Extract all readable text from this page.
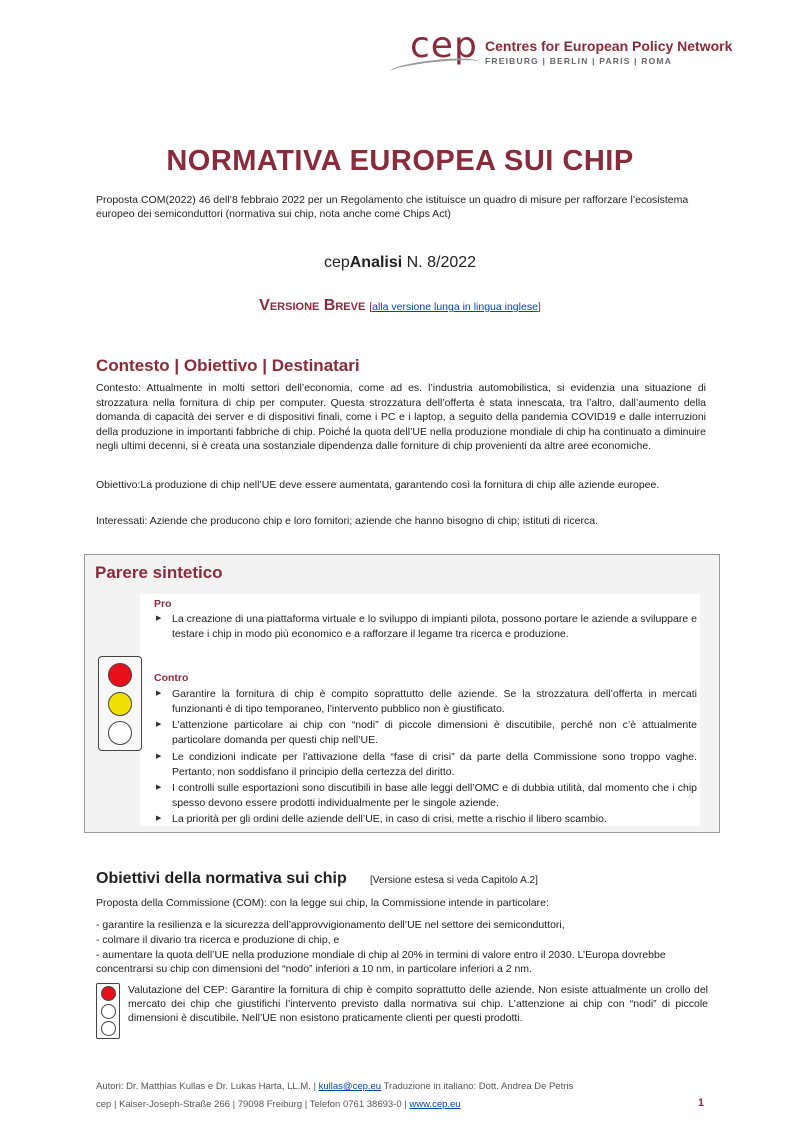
cep Centres for European Policy Network
FREIBURG | BERLIN | PARIS | ROMA
NORMATIVA EUROPEA SUI CHIP
Proposta COM(2022) 46 dell’8 febbraio 2022 per un Regolamento che istituisce un quadro di misure per rafforzare l’ecosistema europeo dei semiconduttori (normativa sui chip, nota anche come Chips Act)
cepAnalisi N. 8/2022
Versione Breve [alla versione lunga in lingua inglese]
Contesto | Obiettivo | Destinatari
Contesto: Attualmente in molti settori dell’economia, come ad es. l’industria automobilistica, si evidenzia una situazione di strozzatura nella fornitura di chip per computer. Questa strozzatura dell’offerta è stata innescata, tra l’altro, dall’aumento della domanda di capacità dei server e di dispositivi finali, come i PC e i laptop, a seguito della pandemia COVID19 e dalle interruzioni della produzione in importanti fabbriche di chip. Poiché la quota dell’UE nella produzione mondiale di chip ha continuato a diminuire negli ultimi decenni, si è creata una sostanziale dipendenza dalle forniture di chip provenienti da altre aree economiche.
Obiettivo:La produzione di chip nell’UE deve essere aumentata, garantendo così la fornitura di chip alle aziende europee.
Interessati: Aziende che producono chip e loro fornitori; aziende che hanno bisogno di chip; istituti di ricerca.
Parere sintetico
Pro
▶ La creazione di una piattaforma virtuale e lo sviluppo di impianti pilota, possono portare le aziende a sviluppare e testare i chip in modo più economico e a rafforzare il legame tra ricerca e produzione.
Contro
▶ Garantire la fornitura di chip è compito soprattutto delle aziende. Se la strozzatura dell’offerta in mercati funzionanti è di tipo temporaneo, l’intervento pubblico non è giustificato.
▶ L’attenzione particolare ai chip con “nodi” di piccole dimensioni è discutibile, perché non c’è attualmente particolare domanda per questi chip nell’UE.
▶ Le condizioni indicate per l’attivazione della “fase di crisi” da parte della Commissione sono troppo vaghe. Pertanto, non soddisfano il principio della certezza del diritto.
▶ I controlli sulle esportazioni sono discutibili in base alle leggi dell’OMC e di dubbia utilità, dal momento che i chip spesso devono essere prodotti individualmente per le singole aziende.
▶ La priorità per gli ordini delle aziende dell’UE, in caso di crisi, mette a rischio il libero scambio.
Obiettivi della normativa sui chip [Versione estesa si veda Capitolo A.2]
Proposta della Commissione (COM): con la legge sui chip, la Commissione intende in particolare:
- garantire la resilienza e la sicurezza dell’approvvigionamento dell’UE nel settore dei semiconduttori,
- colmare il divario tra ricerca e produzione di chip, e
- aumentare la quota dell’UE nella produzione mondiale di chip al 20% in termini di valore entro il 2030. L’Europa dovrebbe concentrarsi su chip con dimensioni del “nodo” inferiori a 10 nm, in particolare inferiori a 2 nm.
Valutazione del CEP: Garantire la fornitura di chip è compito soprattutto delle aziende. Non esiste attualmente un crollo del mercato dei chip che giustifichi l’intervento previsto dalla normativa sui chip. L’attenzione ai chip con “nodi” di piccole dimensioni è discutibile. Nell’UE non esistono praticamente clienti per questi prodotti.
Autori: Dr. Matthias Kullas e Dr. Lukas Harta, LL.M. | kullas@cep.eu Traduzione in italiano: Dott. Andrea De Petris
cep | Kaiser-Joseph-Straße 266 | 79098 Freiburg | Telefon 0761 38693-0 | www.cep.eu	1
